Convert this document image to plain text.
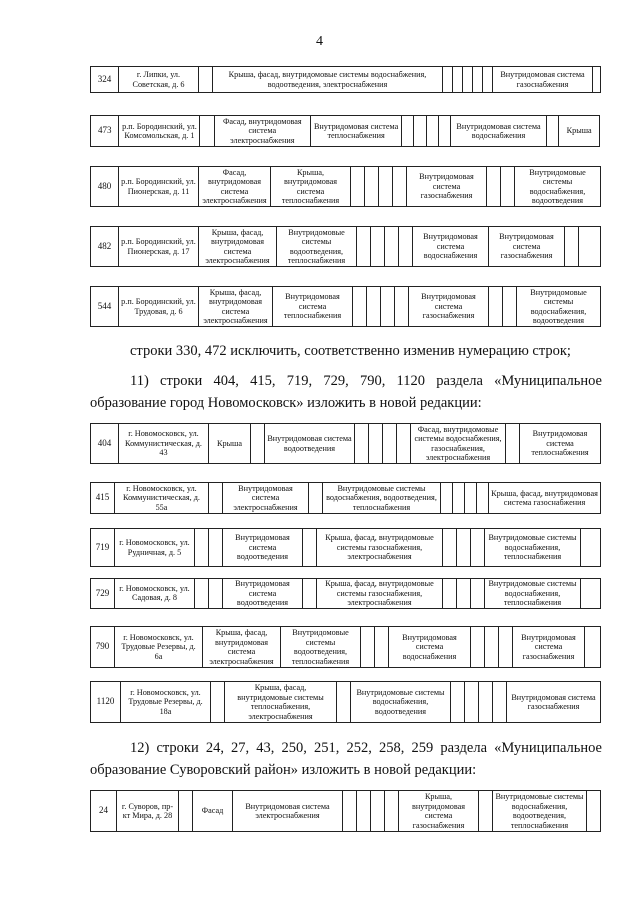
4
324	г. Липки, ул. Советская, д. 6		Крыша, фасад, внутридомовые системы водоснабжения, водоотведения, электроснабжения						Внутридомовая система газоснабжения	
473	р.п. Бородинский, ул. Комсомольская, д. 1		Фасад, внутридомовая система электроснабжения	Внутридомовая система теплоснабжения					Внутридомовая система водоснабжения		Крыша
480	р.п. Бородинский, ул. Пионерская, д. 11	Фасад, внутридомовая система электроснабжения	Крыша, внутридомовая система теплоснабжения					Внутридомовая система газоснабжения			Внутридомовые системы водоснабжения, водоотведения
482	р.п. Бородинский, ул. Пионерская, д. 17	Крыша, фасад, внутридомовая система электроснабжения	Внутридомовые системы водоотведения, теплоснабжения					Внутридомовая система водоснабжения	Внутридомовая система газоснабжения		
544	р.п. Бородинский, ул. Трудовая, д. 6	Крыша, фасад, внутридомовая система электроснабжения	Внутридомовая система теплоснабжения					Внутридомовая система газоснабжения			Внутридомовые системы водоснабжения, водоотведения
строки 330, 472 исключить, соответственно изменив нумерацию строк;
11) строки 404, 415, 719, 729, 790, 1120 раздела «Муниципальное образование город Новомосковск» изложить в новой редакции:
404	г. Новомосковск, ул. Коммунистическая, д. 43	Крыша		Внутридомовая система водоотведения					Фасад, внутридомовые системы водоснабжения, газоснабжения, электроснабжения		Внутридомовая система теплоснабжения
415	г. Новомосковск, ул. Коммунистическая, д. 55а		Внутридомовая система электроснабжения		Внутридомовые системы водоснабжения, водоотведения, теплоснабжения					Крыша, фасад, внутридомовая система газоснабжения
719	г. Новомосковск, ул. Рудничная, д. 5			Внутридомовая система водоотведения		Крыша, фасад, внутридомовые системы газоснабжения, электроснабжения				Внутридомовые системы водоснабжения, теплоснабжения	
729	г. Новомосковск, ул. Садовая, д. 8			Внутридомовая система водоотведения		Крыша, фасад, внутридомовые системы газоснабжения, электроснабжения				Внутридомовые системы водоснабжения, теплоснабжения	
790	г. Новомосковск, ул. Трудовые Резервы, д. 6а	Крыша, фасад, внутридомовая система электроснабжения	Внутридомовые системы водоотведения, теплоснабжения			Внутридомовая система водоснабжения				Внутридомовая система газоснабжения	
1120	г. Новомосковск, ул. Трудовые Резервы, д. 18а		Крыша, фасад, внутридомовые системы теплоснабжения, электроснабжения		Внутридомовые системы водоснабжения, водоотведения					Внутридомовая система газоснабжения	
12) строки 24, 27, 43, 250, 251, 252, 258, 259 раздела «Муниципальное образование Суворовский район» изложить в новой редакции:
24	г. Суворов, пр-кт Мира, д. 28		Фасад	Внутридомовая система электроснабжения					Крыша, внутридомовая система газоснабжения		Внутридомовые системы водоснабжения, водоотведения, теплоснабжения	
